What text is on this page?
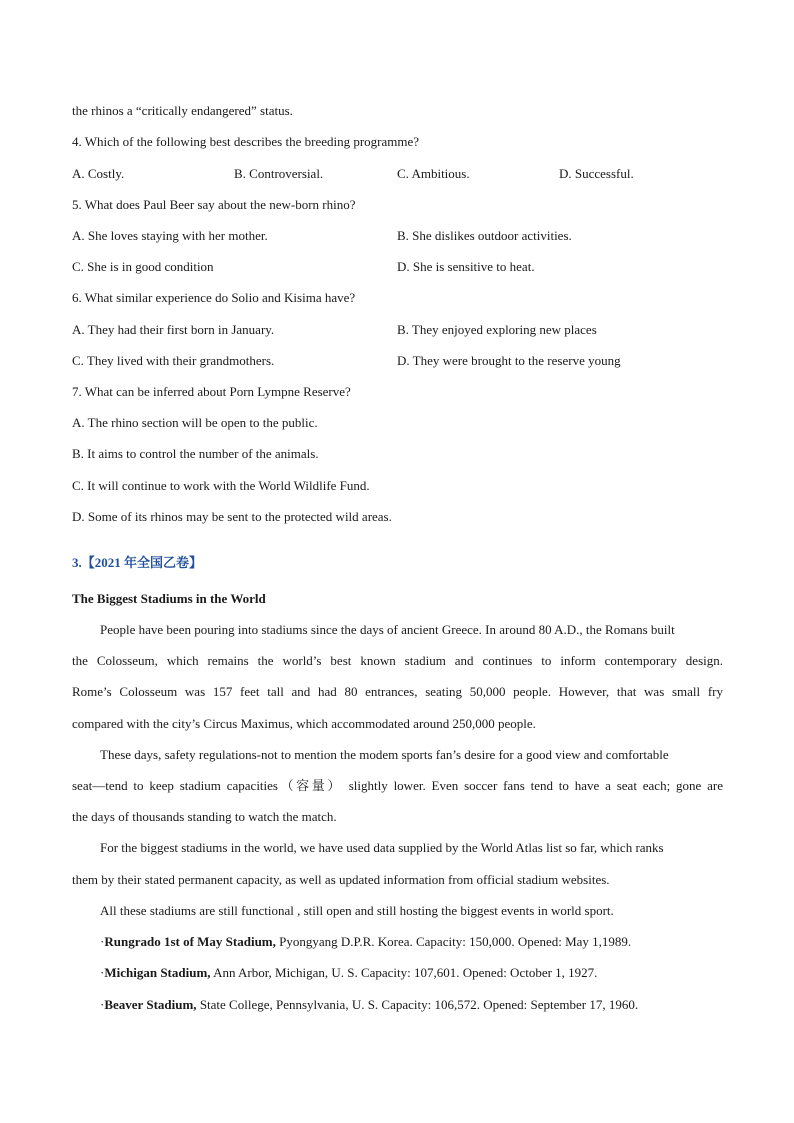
the rhinos a “critically endangered” status.
4. Which of the following best describes the breeding programme?
A. Costly.	B. Controversial.	C. Ambitious.	D. Successful.
5. What does Paul Beer say about the new-born rhino?
A. She loves staying with her mother.	B. She dislikes outdoor activities.
C. She is in good condition	D. She is sensitive to heat.
6. What similar experience do Solio and Kisima have?
A. They had their first born in January.	B. They enjoyed exploring new places
C. They lived with their grandmothers.	D. They were brought to the reserve young
7. What can be inferred about Porn Lympne Reserve?
A. The rhino section will be open to the public.
B. It aims to control the number of the animals.
C. It will continue to work with the World Wildlife Fund.
D. Some of its rhinos may be sent to the protected wild areas.
3.【2021 年全国乙卷】
The Biggest Stadiums in the World
People have been pouring into stadiums since the days of ancient Greece. In around 80 A.D., the Romans built
the Colosseum, which remains the world’s best known stadium and continues to inform contemporary design.
Rome’s Colosseum was 157 feet tall and had 80 entrances, seating 50,000 people. However, that was small fry
compared with the city’s Circus Maximus, which accommodated around 250,000 people.
These days, safety regulations-not to mention the modem sports fan’s desire for a good view and comfortable
seat—tend to keep stadium capacities（容量） slightly lower. Even soccer fans tend to have a seat each; gone are
the days of thousands standing to watch the match.
For the biggest stadiums in the world, we have used data supplied by the World Atlas list so far, which ranks
them by their stated permanent capacity, as well as updated information from official stadium websites.
All these stadiums are still functional , still open and still hosting the biggest events in world sport.
·Rungrado 1st of May Stadium, Pyongyang D.P.R. Korea. Capacity: 150,000. Opened: May 1,1989.
·Michigan Stadium, Ann Arbor, Michigan, U. S. Capacity: 107,601. Opened: October 1, 1927.
·Beaver Stadium, State College, Pennsylvania, U. S. Capacity: 106,572. Opened: September 17, 1960.
